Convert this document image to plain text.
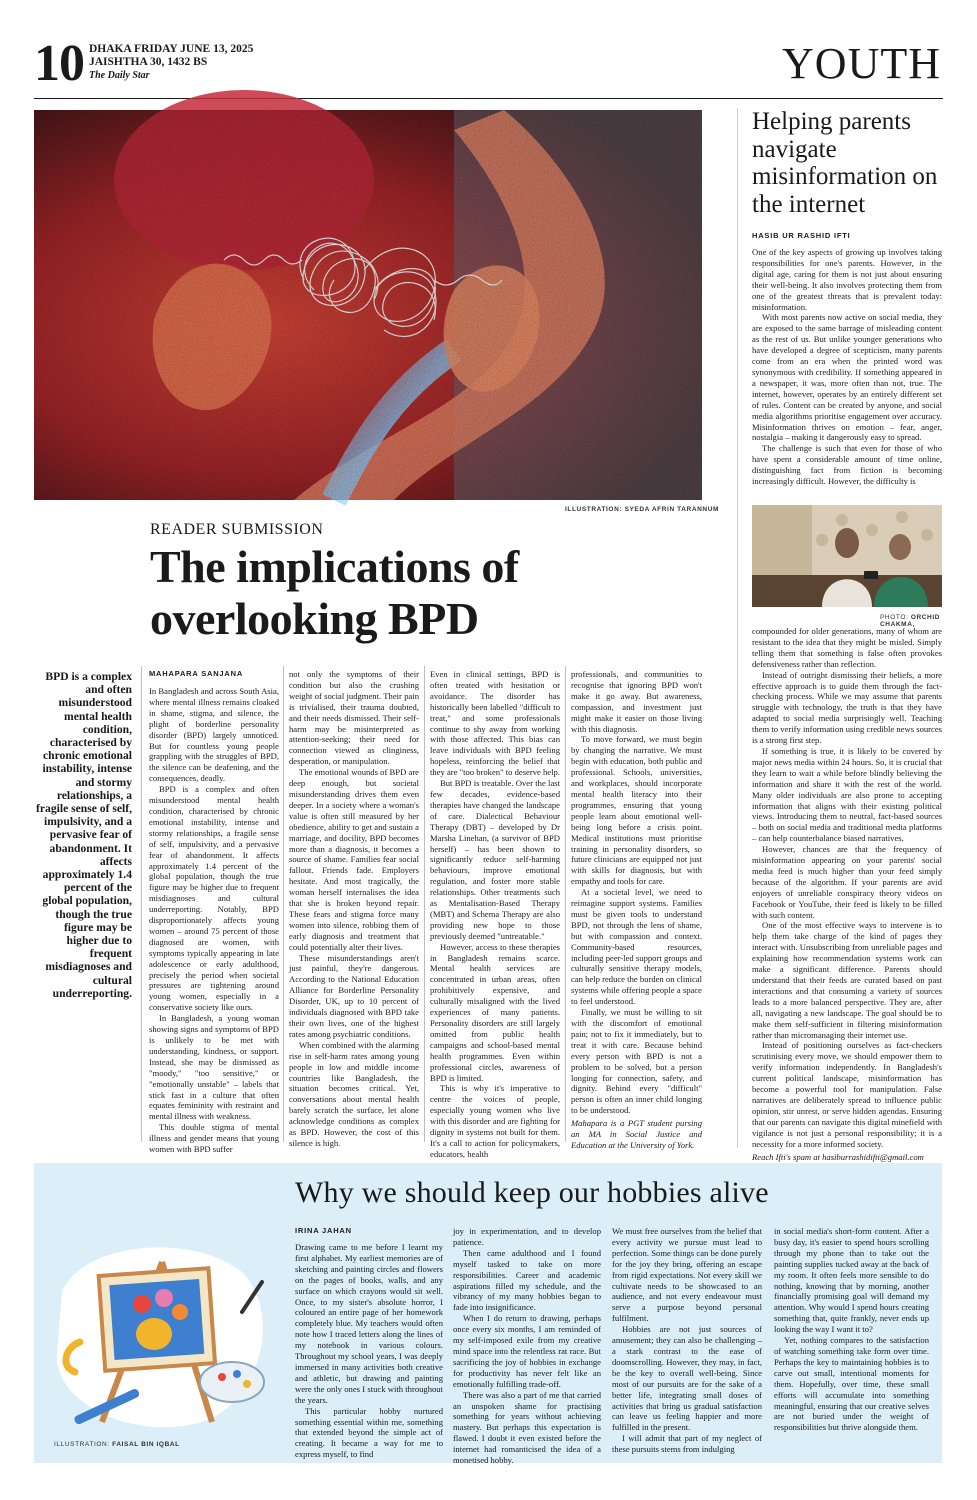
10 DHAKA FRIDAY JUNE 13, 2025
JAISHTHA 30, 1432 BS
The Daily Star	YOUTH
ILLUSTRATION: SYEDA AFRIN TARANNUM
READER SUBMISSION
The implications of
overlooking BPD
BPD is a complex and often misunderstood mental health condition, characterised by chronic emotional instability, intense and stormy relationships, a fragile sense of self, impulsivity, and a pervasive fear of abandonment. It affects approximately 1.4 percent of the global population, though the true figure may be higher due to frequent misdiagnoses and cultural underreporting.
MAHAPARA SANJANA

In Bangladesh and across South Asia, where mental illness remains cloaked in shame, stigma, and silence, the plight of borderline personality disorder (BPD) largely unnoticed. But for countless young people grappling with the struggles of BPD, the silence can be deafening, and the consequences, deadly.

BPD is a complex and often misunderstood mental health condition, characterised by chronic emotional instability, intense and stormy relationships, a fragile sense of self, impulsivity, and a pervasive fear of abandonment. It affects approximately 1.4 percent of the global population, though the true figure may be higher due to frequent misdiagnoses and cultural underreporting. Notably, BPD disproportionately affects young women – around 75 percent of those diagnosed are women, with symptoms typically appearing in late adolescence or early adulthood, precisely the period when societal pressures are tightening around young women, especially in a conservative society like ours.

In Bangladesh, a young woman showing signs and symptoms of BPD is unlikely to be met with understanding, kindness, or support. Instead, she may be dismissed as "moody," "too sensitive," or "emotionally unstable" – labels that stick fast in a culture that often equates femininity with restraint and mental illness with weakness.

This double stigma of mental illness and gender means that young women with BPD suffer

not only the symptoms of their condition but also the crushing weight of social judgment. Their pain is trivialised, their trauma doubted, and their needs dismissed. Their self-harm may be misinterpreted as attention-seeking; their need for connection viewed as clinginess, desperation, or manipulation.

The emotional wounds of BPD are deep enough, but societal misunderstanding drives them even deeper. In a society where a woman's value is often still measured by her obedience, ability to get and sustain a marriage, and docility, BPD becomes more than a diagnosis, it becomes a source of shame. Families fear social fallout. Friends fade. Employers hesitate. And most tragically, the woman herself internalises the idea that she is broken beyond repair. These fears and stigma force many women into silence, robbing them of early diagnosis and treatment that could potentially alter their lives.

These misunderstandings aren't just painful, they're dangerous. According to the National Education Alliance for Borderline Personality Disorder, UK, up to 10 percent of individuals diagnosed with BPD take their own lives, one of the highest rates among psychiatric conditions.

When combined with the alarming rise in self-harm rates among young people in low and middle income countries like Bangladesh, the situation becomes critical. Yet, conversations about mental health barely scratch the surface, let alone acknowledge conditions as complex as BPD. However, the cost of this silence is high.

Even in clinical settings, BPD is often treated with hesitation or avoidance. The disorder has historically been labelled "difficult to treat," and some professionals continue to shy away from working with those affected. This bias can leave individuals with BPD feeling hopeless, reinforcing the belief that they are "too broken" to deserve help.

But BPD is treatable. Over the last few decades, evidence-based therapies have changed the landscape of care. Dialectical Behaviour Therapy (DBT) – developed by Dr Marsha Linehan, (a survivor of BPD herself) – has been shown to significantly reduce self-harming behaviours, improve emotional regulation, and foster more stable relationships. Other treatments such as Mentalisation-Based Therapy (MBT) and Schema Therapy are also providing new hope to those previously deemed "untreatable."

However, access to these therapies in Bangladesh remains scarce. Mental health services are concentrated in urban areas, often prohibitively expensive, and culturally misaligned with the lived experiences of many patients. Personality disorders are still largely omitted from public health campaigns and school-based mental health programmes. Even within professional circles, awareness of BPD is limited.

This is why it's imperative to centre the voices of people, especially young women who live with this disorder and are fighting for dignity in systems not built for them. It's a call to action for policymakers, educators, health

professionals, and communities to recognise that ignoring BPD won't make it go away. But awareness, compassion, and investment just might make it easier on those living with this diagnosis.

To move forward, we must begin by changing the narrative. We must begin with education, both public and professional. Schools, universities, and workplaces, should incorporate mental health literacy into their programmes, ensuring that young people learn about emotional well-being long before a crisis point. Medical institutions must prioritise training in personality disorders, so future clinicians are equipped not just with skills for diagnosis, but with empathy and tools for care.

At a societal level, we need to reimagine support systems. Families must be given tools to understand BPD, not through the lens of shame, but with compassion and context. Community-based resources, including peer-led support groups and culturally sensitive therapy models, can help reduce the burden on clinical systems while offering people a space to feel understood.

Finally, we must be willing to sit with the discomfort of emotional pain; not to fix it immediately, but to treat it with care. Because behind every person with BPD is not a problem to be solved, but a person longing for connection, safety, and dignity. Behind every "difficult" person is often an inner child longing to be understood.

Mahapara is a PGT student pursing an MA in Social Justice and Education at the University of York.

Helping parents navigate misinformation on the internet
HASIB UR RASHID IFTI

One of the key aspects of growing up involves taking responsibilities for one's parents. However, in the digital age, caring for them is not just about ensuring their well-being. It also involves protecting them from one of the greatest threats that is prevalent today: misinformation.

With most parents now active on social media, they are exposed to the same barrage of misleading content as the rest of us. But unlike younger generations who have developed a degree of scepticism, many parents come from an era when the printed word was synonymous with credibility. If something appeared in a newspaper, it was, more often than not, true. The internet, however, operates by an entirely different set of rules. Content can be created by anyone, and social media algorithms prioritise engagement over accuracy. Misinformation thrives on emotion – fear, anger, nostalgia – making it dangerously easy to spread.

The challenge is such that even for those of who have spent a considerable amount of time online, distinguishing fact from fiction is becoming increasingly difficult. However, the difficulty is

PHOTO: ORCHID CHAKMA,

compounded for older generations, many of whom are resistant to the idea that they might be misled. Simply telling them that something is false often provokes defensiveness rather than reflection.

Instead of outright dismissing their beliefs, a more effective approach is to guide them through the fact-checking process. While we may assume that parents struggle with technology, the truth is that they have adapted to social media surprisingly well. Teaching them to verify information using credible news sources is a strong first step.

If something is true, it is likely to be covered by major news media within 24 hours. So, it is crucial that they learn to wait a while before blindly believing the information and share it with the rest of the world. Many older individuals are also prone to accepting information that aligns with their existing political views. Introducing them to neutral, fact-based sources – both on social media and traditional media platforms – can help counterbalance biased narratives.

However, chances are that the frequency of misinformation appearing on your parents' social media feed is much higher than your feed simply because of the algorithm. If your parents are avid enjoyers of unreliable conspiracy theory videos on Facebook or YouTube, their feed is likely to be filled with such content.

One of the most effective ways to intervene is to help them take charge of the kind of pages they interact with. Unsubscribing from unreliable pages and explaining how recommendation systems work can make a significant difference. Parents should understand that their feeds are curated based on past interactions and that consuming a variety of sources leads to a more balanced perspective. They are, after all, navigating a new landscape. The goal should be to make them self-sufficient in filtering misinformation rather than micromanaging their internet use.

Instead of positioning ourselves as fact-checkers scrutinising every move, we should empower them to verify information independently. In Bangladesh's current political landscape, misinformation has become a powerful tool for manipulation. False narratives are deliberately spread to influence public opinion, stir unrest, or serve hidden agendas. Ensuring that our parents can navigate this digital minefield with vigilance is not just a personal responsibility; it is a necessity for a more informed society.

Reach Ifti's spam at hasiburrashidifti@gmail.com

Why we should keep our hobbies alive
IRINA JAHAN
ILLUSTRATION: FAISAL BIN IQBAL

Drawing came to me before I learnt my first alphabet. My earliest memories are of sketching and painting circles and flowers on the pages of books, walls, and any surface on which crayons would sit well. Once, to my sister's absolute horror, I coloured an entire page of her homework completely blue. My teachers would often note how I traced letters along the lines of my notebook in various colours. Throughout my school years, I was deeply immersed in many activities both creative and athletic, but drawing and painting were the only ones I stuck with throughout the years.

This particular hobby nurtured something essential within me, something that extended beyond the simple act of creating. It became a way for me to express myself, to find

joy in experimentation, and to develop patience.

Then came adulthood and I found myself tasked to take on more responsibilities. Career and academic aspirations filled my schedule, and the vibrancy of my many hobbies began to fade into insignificance.

When I do return to drawing, perhaps once every six months, I am reminded of my self-imposed exile from my creative mind space into the relentless rat race. But sacrificing the joy of hobbies in exchange for productivity has never felt like an emotionally fulfilling trade-off.

There was also a part of me that carried an unspoken shame for practising something for years without achieving mastery. But perhaps this expectation is flawed. I doubt it even existed before the internet had romanticised the idea of a monetised hobby.

We must free ourselves from the belief that every activity we pursue must lead to perfection. Some things can be done purely for the joy they bring, offering an escape from rigid expectations. Not every skill we cultivate needs to be showcased to an audience, and not every endeavour must serve a purpose beyond personal fulfilment.

Hobbies are not just sources of amusement; they can also be challenging – a stark contrast to the ease of doomscrolling. However, they may, in fact, be the key to overall well-being. Since most of our pursuits are for the sake of a better life, integrating small doses of activities that bring us gradual satisfaction can leave us feeling happier and more fulfilled in the present.

I will admit that part of my neglect of these pursuits stems from indulging

in social media's short-form content. After a busy day, it's easier to spend hours scrolling through my phone than to take out the painting supplies tucked away at the back of my room. It often feels more sensible to do nothing, knowing that by morning, another financially promising goal will demand my attention. Why would I spend hours creating something that, quite frankly, never ends up looking the way I want it to?

Yet, nothing compares to the satisfaction of watching something take form over time. Perhaps the key to maintaining hobbies is to carve out small, intentional moments for them. Hopefully, over time, these small efforts will accumulate into something meaningful, ensuring that our creative selves are not buried under the weight of responsibilities but thrive alongside them.
